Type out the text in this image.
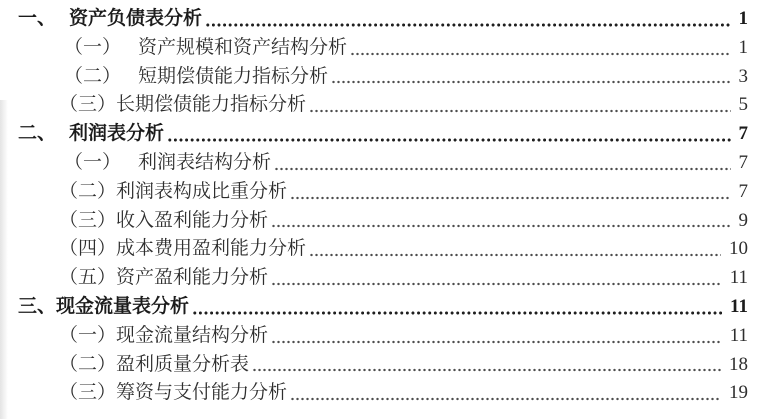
一、 资产负债表分析	1
（一） 资产规模和资产结构分析	1
（二） 短期偿债能力指标分析	3
（三） 长期偿债能力指标分析	5
二、 利润表分析	7
（一） 利润表结构分析	7
（二） 利润表构成比重分析	7
（三） 收入盈利能力分析	9
（四） 成本费用盈利能力分析	10
（五） 资产盈利能力分析	11
三、 现金流量表分析	11
（一） 现金流量结构分析	11
（二） 盈利质量分析表	18
（三） 筹资与支付能力分析	19
